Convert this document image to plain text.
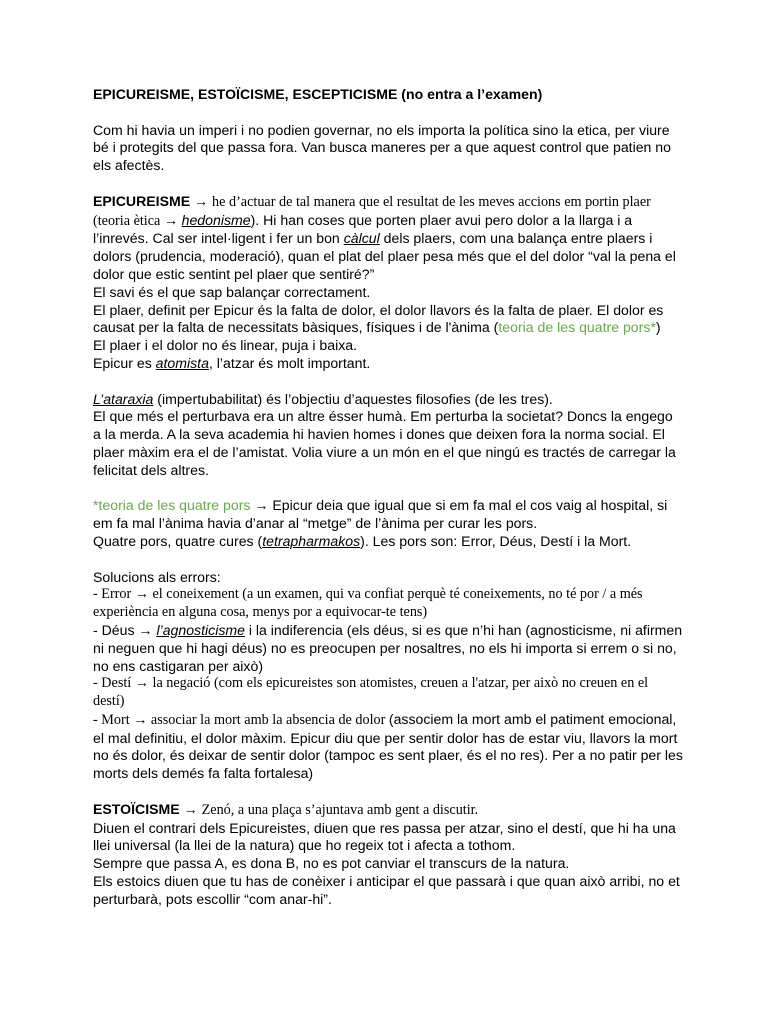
EPICUREISME, ESTOÏCISME, ESCEPTICISME (no entra a l’examen)

Com hi havia un imperi i no podien governar, no els importa la política sino la etica, per viure bé i protegits del que passa fora. Van busca maneres per a que aquest control que patien no els afectès.

EPICUREISME → he d’actuar de tal manera que el resultat de les meves accions em portin plaer (teoria ètica → hedonisme). Hi han coses que porten plaer avui pero dolor a la llarga i a l’inrevés. Cal ser intel·ligent i fer un bon càlcul dels plaers, com una balança entre plaers i dolors (prudencia, moderació), quan el plat del plaer pesa més que el del dolor “val la pena el dolor que estic sentint pel plaer que sentiré?”

El savi és el que sap balançar correctament.

El plaer, definit per Epicur és la falta de dolor, el dolor llavors és la falta de plaer. El dolor es causat per la falta de necessitats bàsiques, físiques i de l'ànima (teoria de les quatre pors*)

El plaer i el dolor no és linear, puja i baixa.

Epicur es atomista, l’atzar és molt important.

L’ataraxia (impertubabilitat) és l’objectiu d’aquestes filosofies (de les tres).

El que més el perturbava era un altre ésser humà. Em perturba la societat? Doncs la engego a la merda. A la seva academia hi havien homes i dones que deixen fora la norma social. El plaer màxim era el de l’amistat. Volia viure a un món en el que ningú es tractés de carregar la felicitat dels altres.

*teoria de les quatre pors → Epicur deia que igual que si em fa mal el cos vaig al hospital, si em fa mal l’ànima havia d’anar al “metge” de l’ànima per curar les pors.

Quatre pors, quatre cures (tetrapharmakos). Les pors son: Error, Déus, Destí i la Mort.

Solucions als errors:

- Error → el coneixement (a un examen, qui va confiat perquè té coneixements, no té por / a més experiència en alguna cosa, menys por a equivocar-te tens)

- Déus → l’agnosticisme i la indiferencia (els déus, si es que n’hi han (agnosticisme, ni afirmen ni neguen que hi hagi déus) no es preocupen per nosaltres, no els hi importa si errem o si no, no ens castigaran per això)

- Destí → la negació (com els epicureistes son atomistes, creuen a l'atzar, per això no creuen en el destí)

- Mort → associar la mort amb la absencia de dolor (associem la mort amb el patiment emocional, el mal definitiu, el dolor màxim. Epicur diu que per sentir dolor has de estar viu, llavors la mort no és dolor, és deixar de sentir dolor (tampoc es sent plaer, és el no res). Per a no patir per les morts dels demés fa falta fortalesa)

ESTOÏCISME → Zenó, a una plaça s’ajuntava amb gent a discutir.

Diuen el contrari dels Epicureistes, diuen que res passa per atzar, sino el destí, que hi ha una llei universal (la llei de la natura) que ho regeix tot i afecta a tothom.

Sempre que passa A, es dona B, no es pot canviar el transcurs de la natura.

Els estoics diuen que tu has de conèixer i anticipar el que passarà i que quan això arribi, no et perturbarà, pots escollir “com anar-hi”.
